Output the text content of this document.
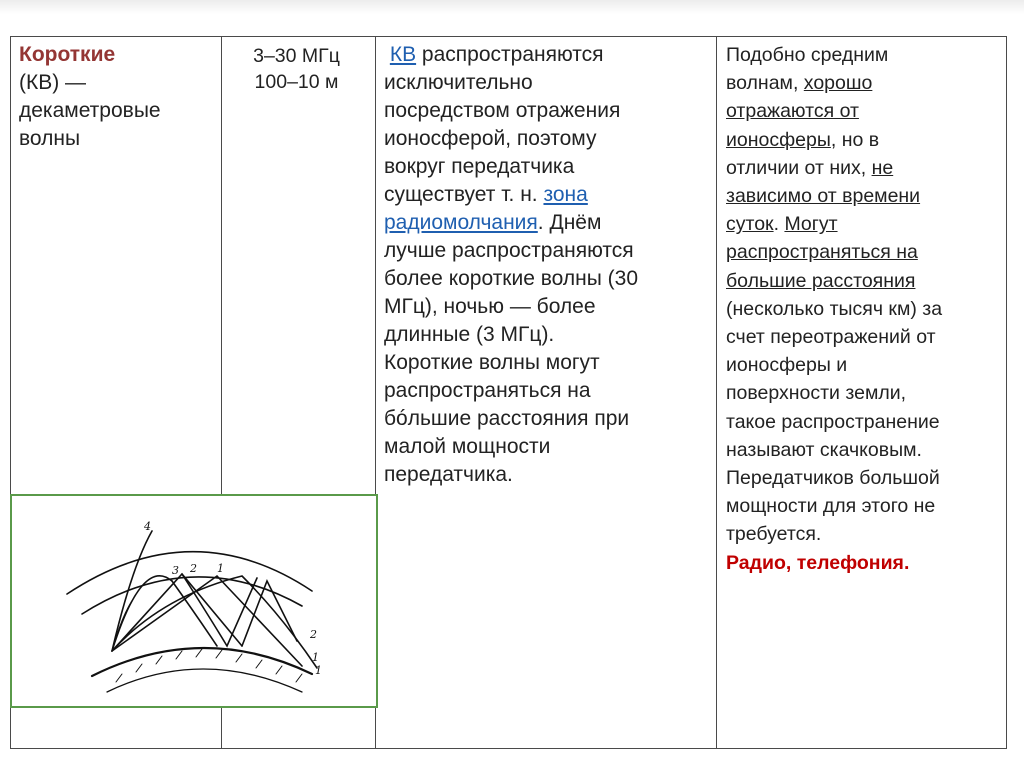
Короткие
(КВ) —
декаметровые
волны

3–30 МГц
100–10 м

КВ распространяются
исключительно
посредством отражения
ионосферой, поэтому
вокруг передатчика
существует т. н. зона
радиомолчания. Днём
лучше распространяются
более короткие волны (30
МГц), ночью — более
длинные (3 МГц).
Короткие волны могут
распространяться на
бóльшие расстояния при
малой мощности
передатчика.

Подобно средним
волнам, хорошо
отражаются от
ионосферы, но в
отличии от них, не
зависимо от времени
суток. Могут
распространяться на
большие расстояния
(несколько тысяч км) за
счет переотражений от
ионосферы и
поверхности земли,
такое распространение
называют скачковым.
Передатчиков большой
мощности для этого не
требуется.
Радио, телефония.
4
3 2 1
2
1
1
